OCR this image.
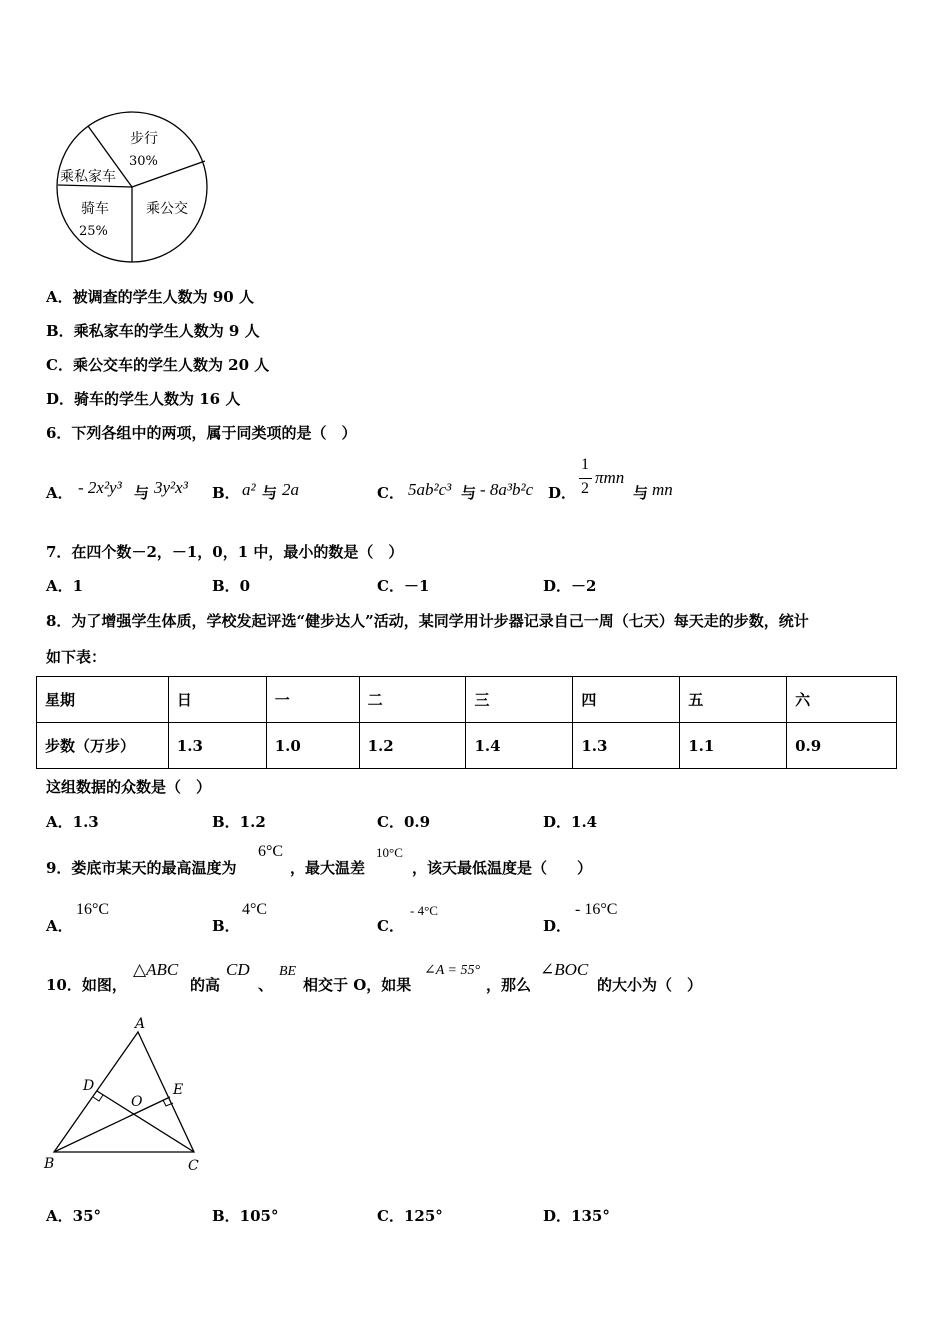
步行
30%
乘私家车
骑车
25%
乘公交
A．被调查的学生人数为 90 人
B．乘私家车的学生人数为 9 人
C．乘公交车的学生人数为 20 人
D．骑车的学生人数为 16 人
6．下列各组中的两项，属于同类项的是（　）
A． - 2x²y³ 与 3y²x³ B． a² 与 2a	C． 5ab²c³ 与 - 8a³b²c D．
1
2
πmn
与 mn
7．在四个数－2，－1，0，1 中，最小的数是（　）
A．1	B．0	C．－1	D．－2
8．为了增强学生体质，学校发起评选“健步达人”活动，某同学用计步器记录自己一周（七天）每天走的步数，统计
如下表：
星期	日	一	二	三	四	五	六
步数（万步）	1.3	1.0	1.2	1.4	1.3	1.1	0.9
这组数据的众数是（　）
A．1.3	B．1.2	C．0.9	D．1.4
9．娄底市某天的最高温度为
6°C
，最大温差
10°C
，该天最低温度是（　　）
A．
16°C
B．
4°C
C．
- 4°C
D．
- 16°C
10．如图，
△ABC
的高
CD
、
BE
相交于 O，如果
∠A = 55°
，那么
∠BOC
的大小为（　）
A
B	C
D	E
O
A．35°	B．105°	C．125°	D．135°
